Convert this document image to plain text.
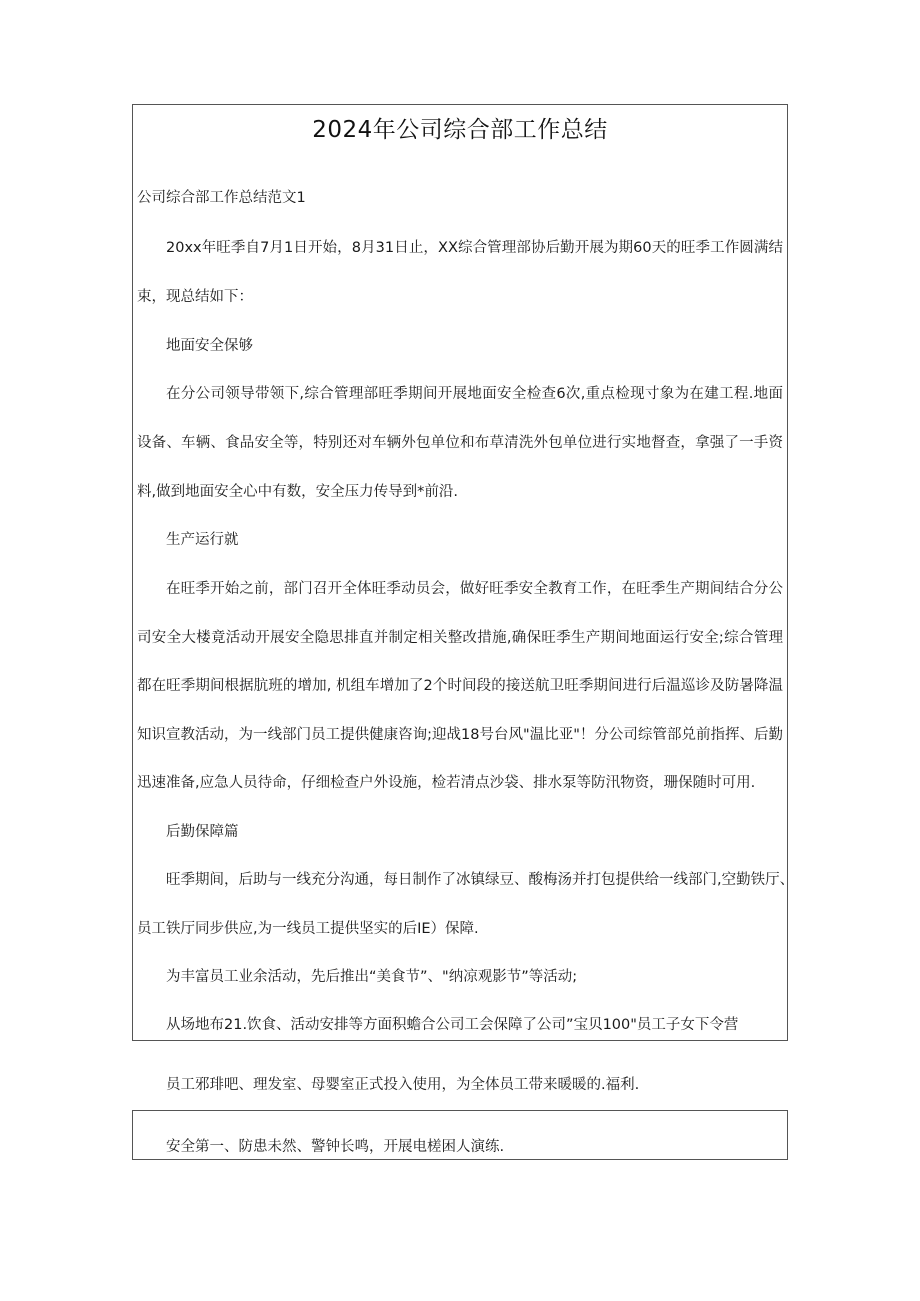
2024年公司综合部工作总结
公司综合部工作总结范文1
20xx年旺季自7月1日开始，8月31日止，XX综合管理部协后勤开展为期60天的旺季工作圆满结
束，现总结如下：
地面安全保够
在分公司领导带领下,综合管理部旺季期间开展地面安全检查6次,重点检现寸象为在建工程.地面
设备、车辆、食品安全等，特别还对车辆外包单位和布草清洗外包单位进行实地督查，拿强了一手资
料,做到地面安全心中有数，安全压力传导到*前沿.
生产运行就
在旺季开始之前，部门召开全体旺季动员会，做好旺季安全教育工作，在旺季生产期间结合分公
司安全大楼竟活动开展安全隐思排直并制定相关整改措施,确保旺季生产期间地面运行安全;综合管理
都在旺季期间根据肮班的增加, 机组车增加了2个时间段的接送航卫旺季期间进行后温巡诊及防暑降温
知识宣教活动，为一线部门员工提供健康咨询;迎战18号台风"温比亚"！分公司综管部兑前指挥、后勤
迅速准备,应急人员待命，仔细检查户外设施，检若清点沙袋、排水泵等防汛物资，珊保随时可用.
后勤保障篇
旺季期间，后助与一线充分沟通，每日制作了冰镇绿豆、酸梅汤并打包提供给一线部门,空勤铁厅、
员工铁厅同步供应,为一线员工提供坚实的后IE）保障.
为丰富员工业余活动，先后推出“美食节”、"纳凉观影节”等活动;
从场地布21.饮食、活动安排等方面积蟾合公司工会保障了公司”宝贝100"员工子女下令营
员工邪琲吧、理发室、母婴室正式投入使用，为全体员工带来暖暖的.福利.
安全第一、防患未然、警钟长鸣，开展电槎困人演练.
